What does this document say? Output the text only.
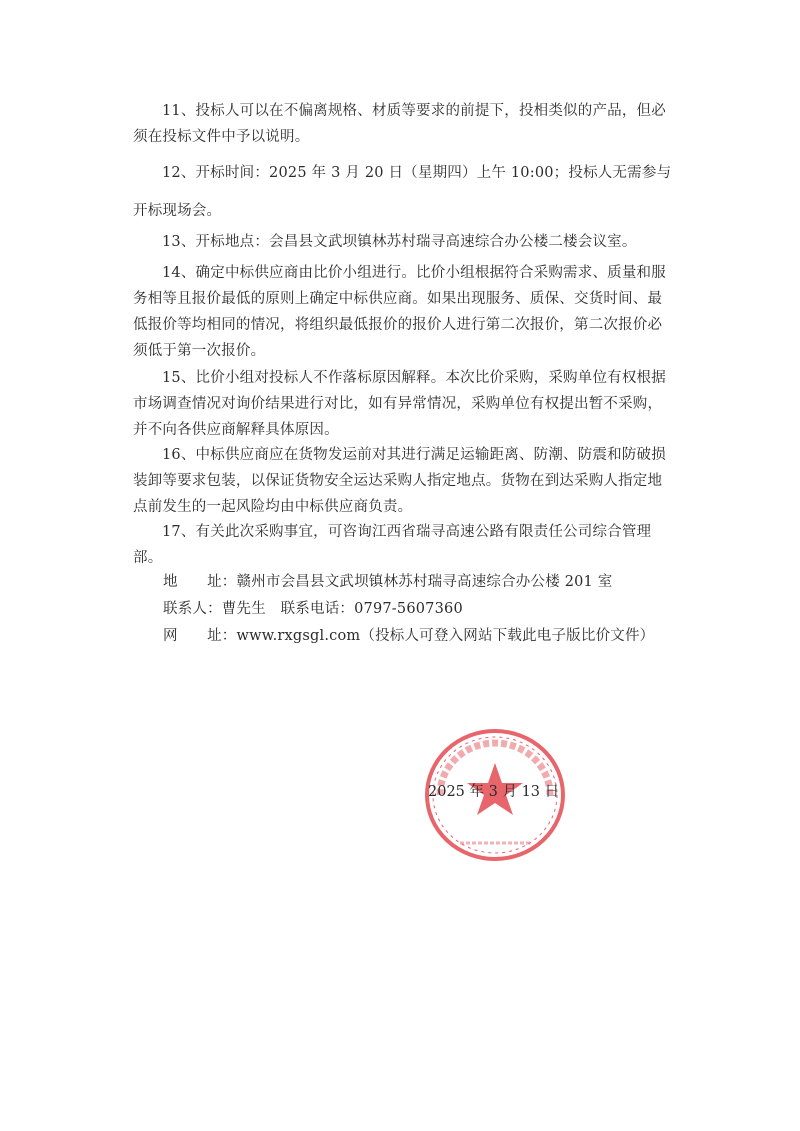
11、投标人可以在不偏离规格、材质等要求的前提下，投相类似的产品，但必须在投标文件中予以说明。

12、开标时间：2025 年 3 月 20 日（星期四）上午 10:00；投标人无需参与开标现场会。

13、开标地点：会昌县文武坝镇林苏村瑞寻高速综合办公楼二楼会议室。

14、确定中标供应商由比价小组进行。比价小组根据符合采购需求、质量和服务相等且报价最低的原则上确定中标供应商。如果出现服务、质保、交货时间、最低报价等均相同的情况，将组织最低报价的报价人进行第二次报价，第二次报价必须低于第一次报价。

15、比价小组对投标人不作落标原因解释。本次比价采购，采购单位有权根据市场调查情况对询价结果进行对比，如有异常情况，采购单位有权提出暂不采购，并不向各供应商解释具体原因。

16、中标供应商应在货物发运前对其进行满足运输距离、防潮、防震和防破损装卸等要求包装，以保证货物安全运达采购人指定地点。货物在到达采购人指定地点前发生的一起风险均由中标供应商负责。

17、有关此次采购事宜，可咨询江西省瑞寻高速公路有限责任公司综合管理部。

地　　址：赣州市会昌县文武坝镇林苏村瑞寻高速综合办公楼 201 室
联系人：曹先生　联系电话：0797-5607360
网　　址：www.rxgsgl.com（投标人可登入网站下载此电子版比价文件）
2025 年 3 月 13 日
